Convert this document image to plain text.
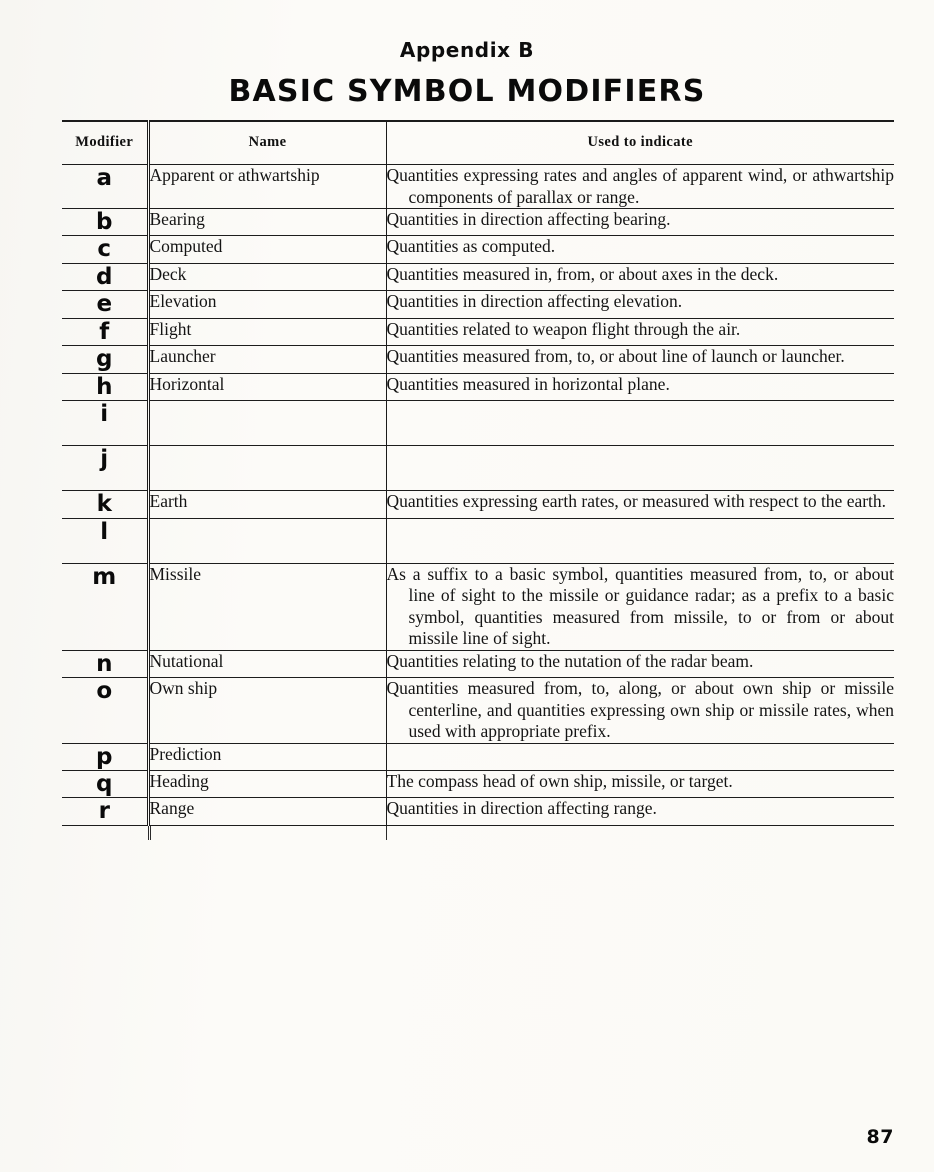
Appendix B
BASIC SYMBOL MODIFIERS
Modifier	Name	Used to indicate
a	Apparent or athwartship	Quantities expressing rates and angles of apparent wind, or athwartship components of parallax or range.

b	Bearing	Quantities in direction affecting bearing.

c	Computed	Quantities as computed.

d	Deck	Quantities measured in, from, or about axes in the deck.

e	Elevation	Quantities in direction affecting elevation.

f	Flight	Quantities related to weapon flight through the air.

g	Launcher	Quantities measured from, to, or about line of launch or launcher.

h	Horizontal	Quantities measured in horizontal plane.

i	

j	

k	Earth	Quantities expressing earth rates, or measured with respect to the earth.

l	

m	Missile	As a suffix to a basic symbol, quantities measured from, to, or about line of sight to the missile or guidance radar; as a prefix to a basic symbol, quantities measured from missile, to or from or about missile line of sight.

n	Nutational	Quantities relating to the nutation of the radar beam.

o	Own ship	Quantities measured from, to, along, or about own ship or missile centerline, and quantities expressing own ship or missile rates, when used with appropriate prefix.

p	Prediction	

q	Heading	The compass head of own ship, missile, or target.

r	Range	Quantities in direction affecting range.
87
